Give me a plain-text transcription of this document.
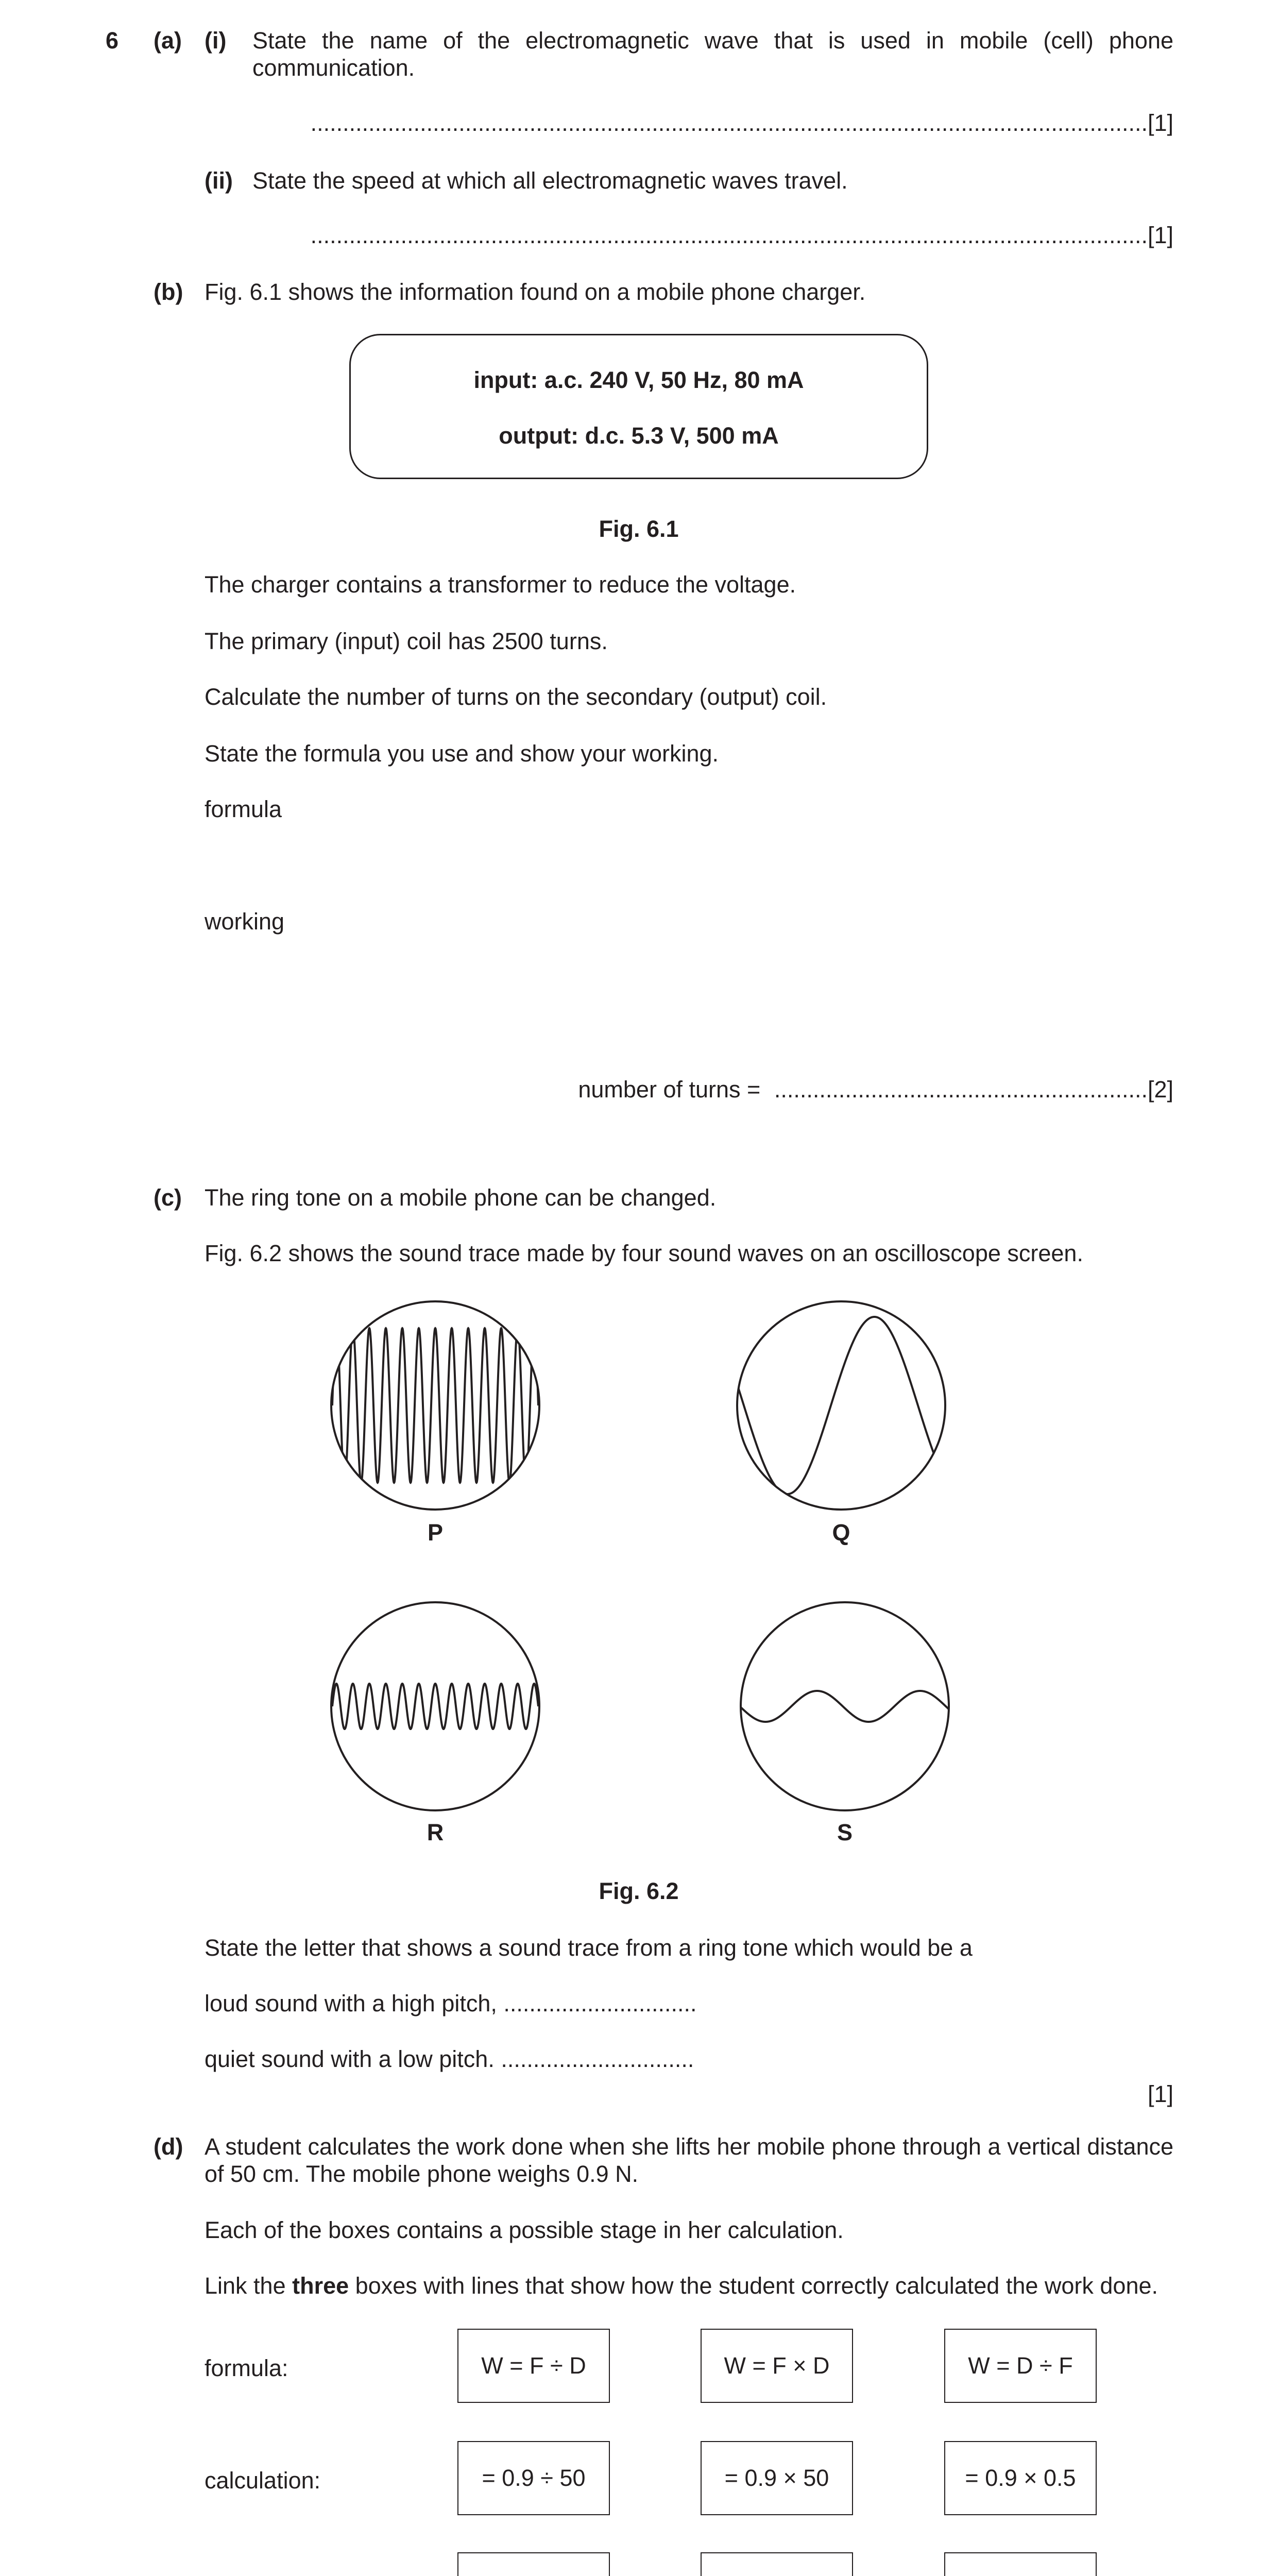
6 (a) (i) State the name of the electromagnetic wave that is used in mobile (cell) phone communication.
..................................................................................................................................[1]
(ii) State the speed at which all electromagnetic waves travel.
..................................................................................................................................[1]
(b) Fig. 6.1 shows the information found on a mobile phone charger.
input: a.c. 240 V, 50 Hz, 80 mA
output: d.c. 5.3 V, 500 mA
Fig. 6.1
The charger contains a transformer to reduce the voltage.
The primary (input) coil has 2500 turns.
Calculate the number of turns on the secondary (output) coil.
State the formula you use and show your working.
formula
working
number of turns = ..........................................................[2]
(c) The ring tone on a mobile phone can be changed.
Fig. 6.2 shows the sound trace made by four sound waves on an oscilloscope screen.
P	Q
R	S
Fig. 6.2
State the letter that shows a sound trace from a ring tone which would be a
loud sound with a high pitch, ..............................
quiet sound with a low pitch. ..............................
[1]
(d) A student calculates the work done when she lifts her mobile phone through a vertical distance of 50 cm. The mobile phone weighs 0.9 N.
Each of the boxes contains a possible stage in her calculation.
Link the three boxes with lines that show how the student correctly calculated the work done.
formula:	W = F ÷ D	W = F × D	W = D ÷ F
calculation:	= 0.9 ÷ 50	= 0.9 × 50	= 0.9 × 0.5
